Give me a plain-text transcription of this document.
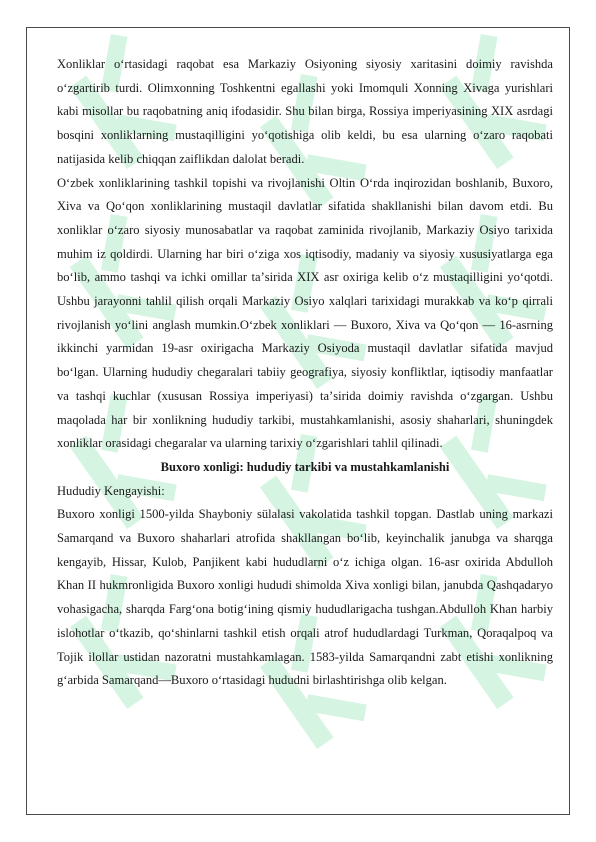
Xonliklar oʻrtasidagi raqobat esa Markaziy Osiyoning siyosiy xaritasini doimiy ravishda oʻzgartirib turdi. Olimxonning Toshkentni egallashi yoki Imomquli Xonning Xivaga yurishlari kabi misollar bu raqobatning aniq ifodasidir. Shu bilan birga, Rossiya imperiyasining XIX asrdagi bosqini xonliklarning mustaqilligini yoʻqotishiga olib keldi, bu esa ularning oʻzaro raqobati natijasida kelib chiqqan zaiflikdan dalolat beradi.

Oʻzbek xonliklarining tashkil topishi va rivojlanishi Oltin Oʻrda inqirozidan boshlanib, Buxoro, Xiva va Qoʻqon xonliklarining mustaqil davlatlar sifatida shakllanishi bilan davom etdi. Bu xonliklar oʻzaro siyosiy munosabatlar va raqobat zaminida rivojlanib, Markaziy Osiyo tarixida muhim iz qoldirdi. Ularning har biri oʻziga xos iqtisodiy, madaniy va siyosiy xususiyatlarga ega boʻlib, ammo tashqi va ichki omillar taʼsirida XIX asr oxiriga kelib oʻz mustaqilligini yoʻqotdi. Ushbu jarayonni tahlil qilish orqali Markaziy Osiyo xalqlari tarixidagi murakkab va koʻp qirrali rivojlanish yoʻlini anglash mumkin.Oʻzbek xonliklari — Buxoro, Xiva va Qoʻqon — 16-asrning ikkinchi yarmidan 19-asr oxirigacha Markaziy Osiyoda mustaqil davlatlar sifatida mavjud boʻlgan. Ularning hududiy chegaralari tabiiy geografiya, siyosiy konfliktlar, iqtisodiy manfaatlar va tashqi kuchlar (xususan Rossiya imperiyasi) taʼsirida doimiy ravishda oʻzgargan. Ushbu maqolada har bir xonlikning hududiy tarkibi, mustahkamlanishi, asosiy shaharlari, shuningdek xonliklar orasidagi chegaralar va ularning tarixiy oʻzgarishlari tahlil qilinadi.

Buxoro xonligi: hududiy tarkibi va mustahkamlanishi

Hududiy Kengayishi:

Buxoro xonligi 1500-yilda Shayboniy sülalasi vakolatida tashkil topgan. Dastlab uning markazi Samarqand va Buxoro shaharlari atrofida shakllangan boʻlib, keyinchalik janubga va sharqga kengayib, Hissar, Kulob, Panjikent kabi hududlarni oʻz ichiga olgan. 16-asr oxirida Abdulloh Khan II hukmronligida Buxoro xonligi hududi shimolda Xiva xonligi bilan, janubda Qashqadaryo vohasigacha, sharqda Fargʻona botigʻining qismiy hududlarigacha tushgan.Abdulloh Khan harbiy islohotlar oʻtkazib, qoʻshinlarni tashkil etish orqali atrof hududlardagi Turkman, Qoraqalpoq va Tojik ilollar ustidan nazoratni mustahkamlagan. 1583-yilda Samarqandni zabt etishi xonlikning gʻarbida Samarqand—Buxoro oʻrtasidagi hududni birlashtirishga olib kelgan.
